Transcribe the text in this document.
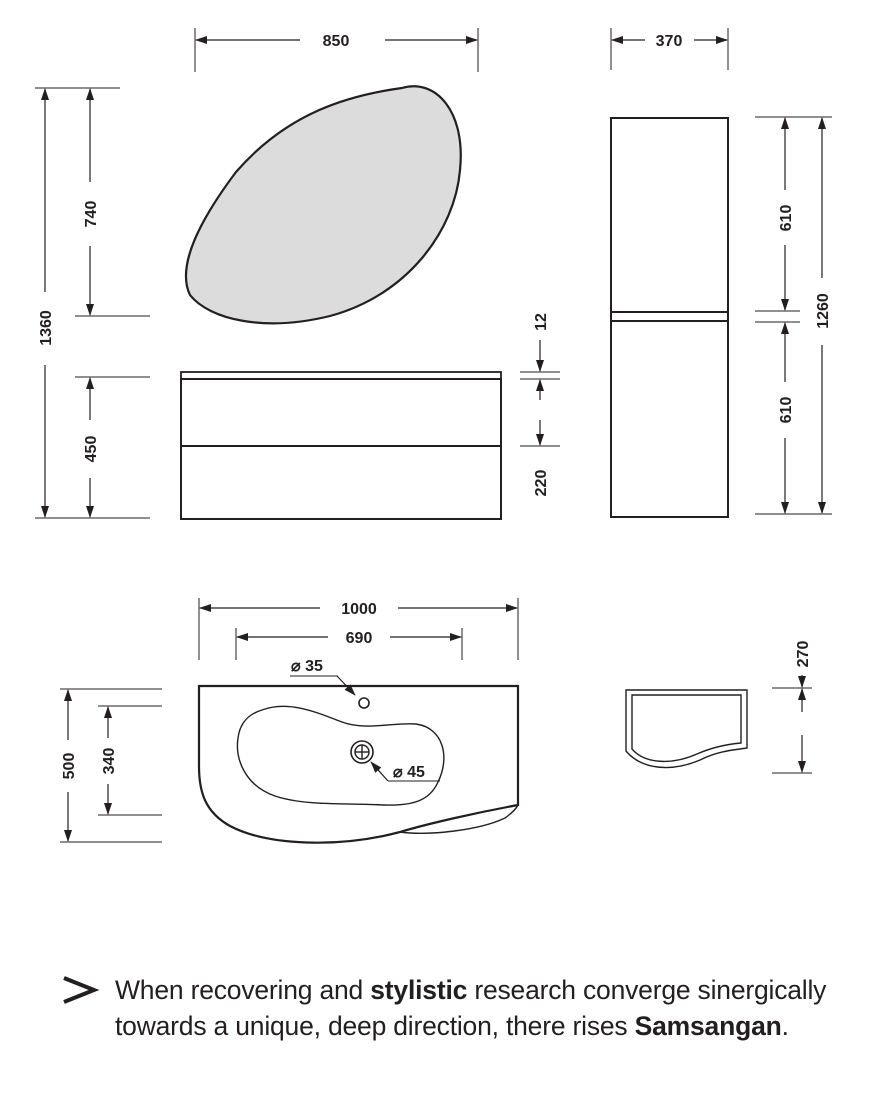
850
1360
740
450
12
220
370
610
610
1260
1000
690
⌀ 35
⌀ 45
500 340
270

When recovering and stylistic research converge sinergically towards a unique, deep direction, there rises Samsangan.
